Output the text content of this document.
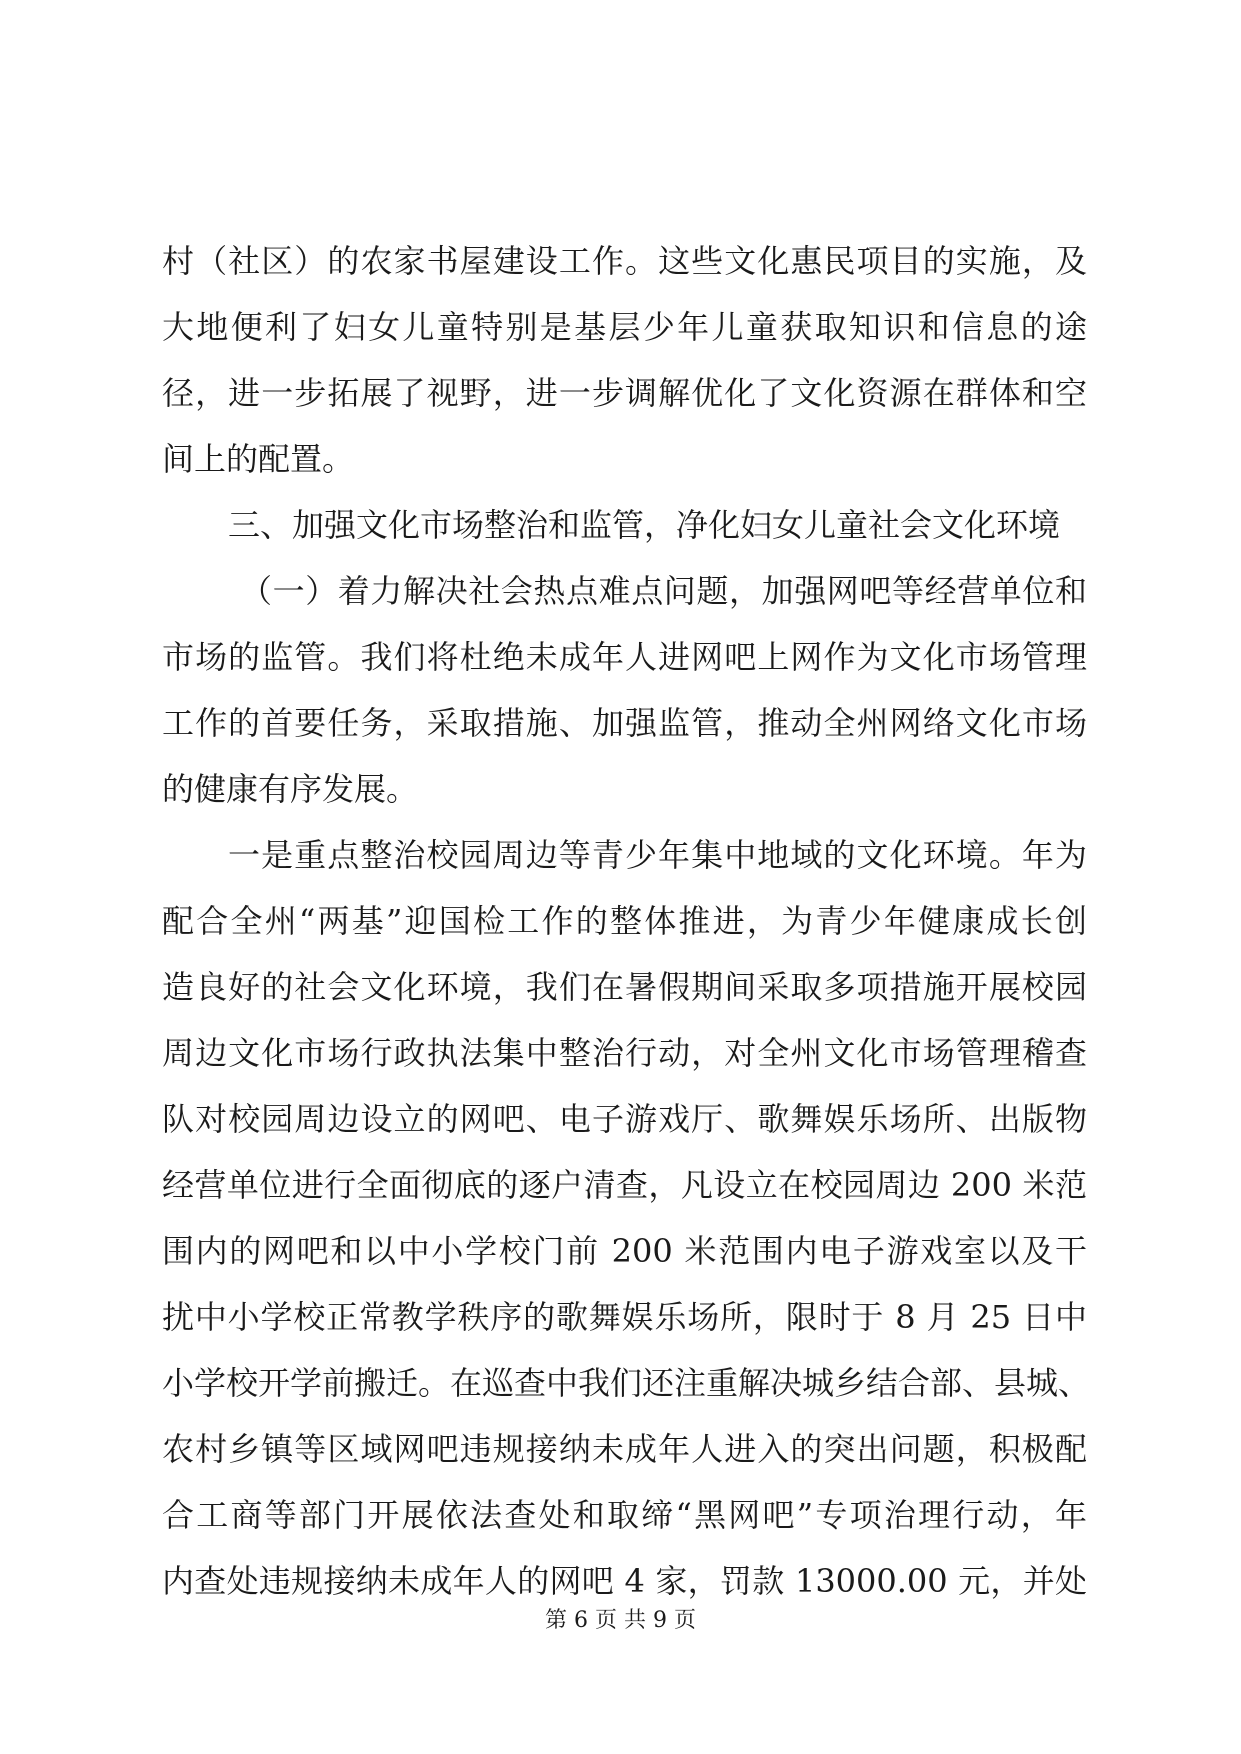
村（社区）的农家书屋建设工作。这些文化惠民项目的实施，及
大地便利了妇女儿童特别是基层少年儿童获取知识和信息的途
径，进一步拓展了视野，进一步调解优化了文化资源在群体和空
间上的配置。
三、加强文化市场整治和监管，净化妇女儿童社会文化环境
（一）着力解决社会热点难点问题，加强网吧等经营单位和
市场的监管。我们将杜绝未成年人进网吧上网作为文化市场管理
工作的首要任务，采取措施、加强监管，推动全州网络文化市场
的健康有序发展。
一是重点整治校园周边等青少年集中地域的文化环境。年为
配合全州“两基”迎国检工作的整体推进，为青少年健康成长创
造良好的社会文化环境，我们在暑假期间采取多项措施开展校园
周边文化市场行政执法集中整治行动，对全州文化市场管理稽查
队对校园周边设立的网吧、电子游戏厅、歌舞娱乐场所、出版物
经营单位进行全面彻底的逐户清查，凡设立在校园周边 200 米范
围内的网吧和以中小学校门前 200 米范围内电子游戏室以及干
扰中小学校正常教学秩序的歌舞娱乐场所，限时于 8 月 25 日中
小学校开学前搬迁。在巡查中我们还注重解决城乡结合部、县城、
农村乡镇等区域网吧违规接纳未成年人进入的突出问题，积极配
合工商等部门开展依法查处和取缔“黑网吧”专项治理行动，年
内查处违规接纳未成年人的网吧 4 家，罚款 13000.00 元，并处
第 6 页 共 9 页
